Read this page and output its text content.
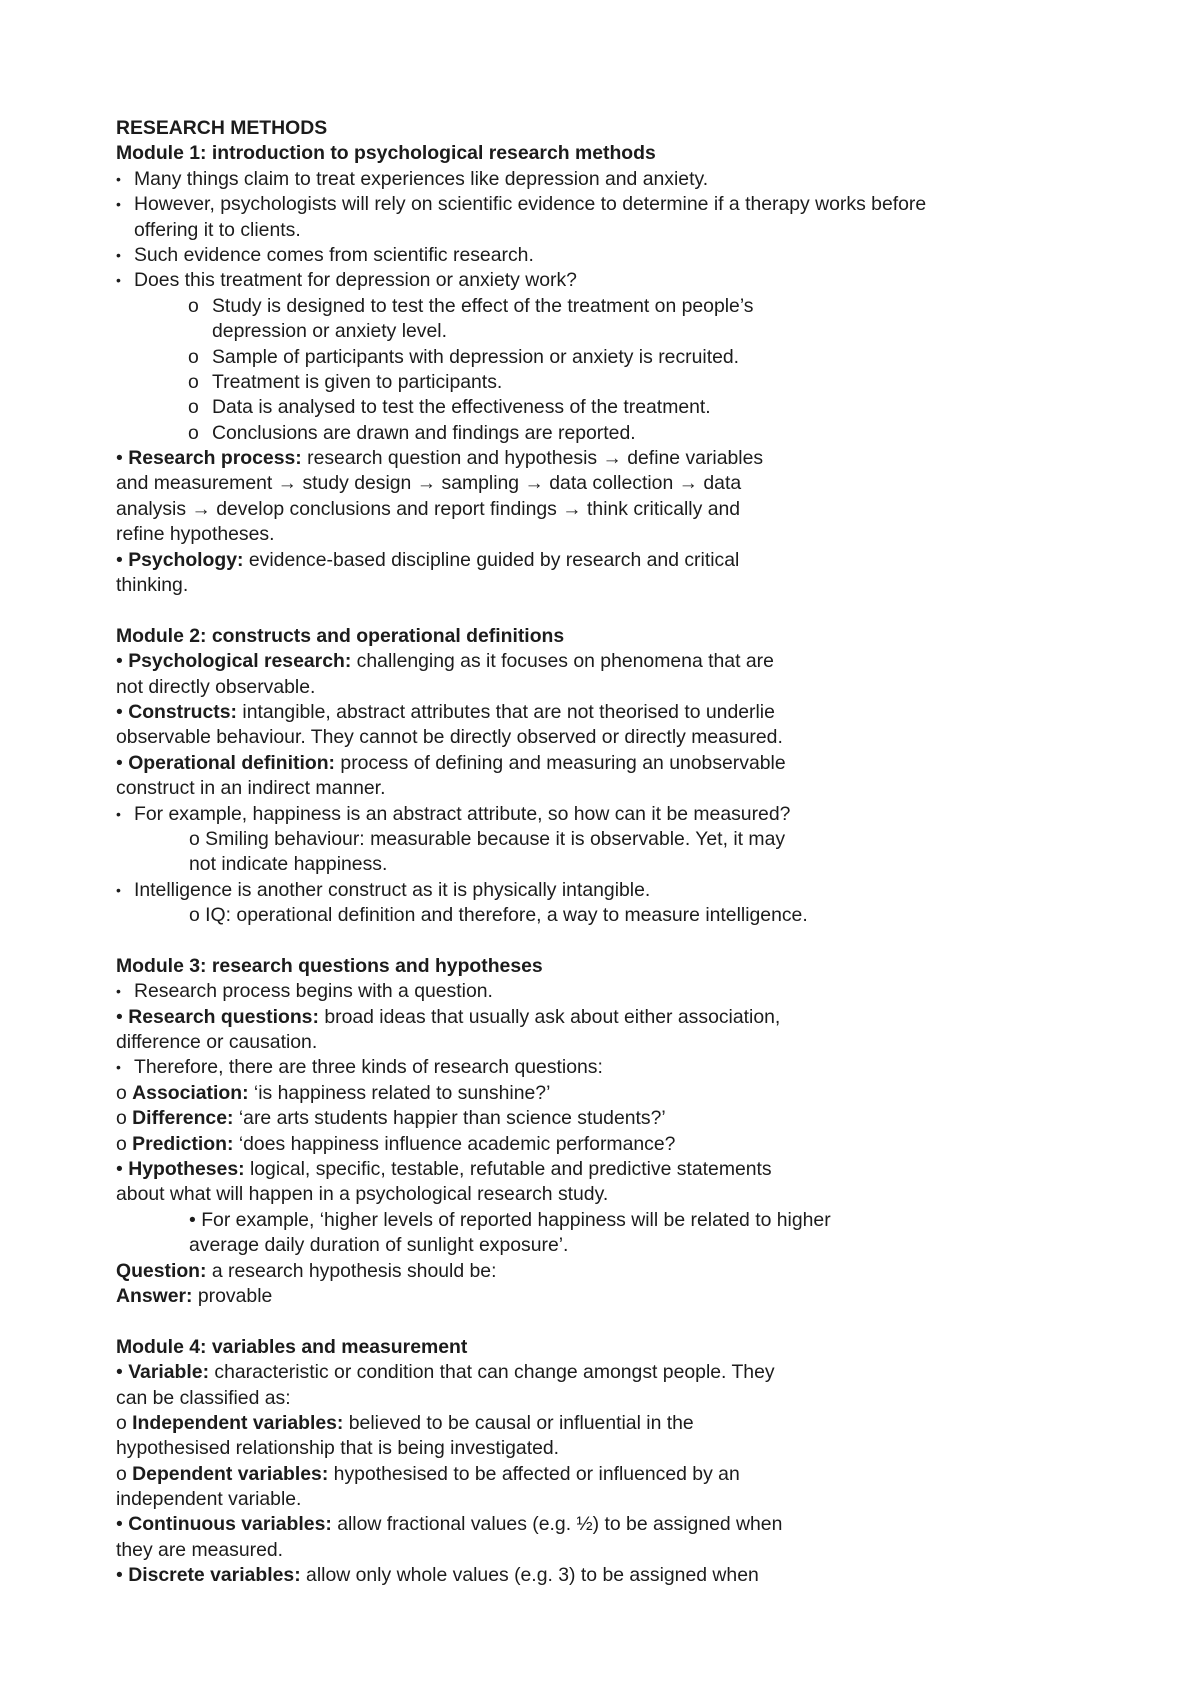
RESEARCH METHODS
Module 1: introduction to psychological research methods
• Many things claim to treat experiences like depression and anxiety.
• However, psychologists will rely on scientific evidence to determine if a therapy works before
offering it to clients.
• Such evidence comes from scientific research.
• Does this treatment for depression or anxiety work?
o Study is designed to test the effect of the treatment on people’s
depression or anxiety level.
o Sample of participants with depression or anxiety is recruited.
o Treatment is given to participants.
o Data is analysed to test the effectiveness of the treatment.
o Conclusions are drawn and findings are reported.
• Research process: research question and hypothesis → define variables
and measurement → study design → sampling → data collection → data
analysis → develop conclusions and report findings → think critically and
refine hypotheses.
• Psychology: evidence-based discipline guided by research and critical
thinking.
Module 2: constructs and operational definitions
• Psychological research: challenging as it focuses on phenomena that are
not directly observable.
• Constructs: intangible, abstract attributes that are not theorised to underlie
observable behaviour. They cannot be directly observed or directly measured.
• Operational definition: process of defining and measuring an unobservable
construct in an indirect manner.
• For example, happiness is an abstract attribute, so how can it be measured?
o Smiling behaviour: measurable because it is observable. Yet, it may
not indicate happiness.
• Intelligence is another construct as it is physically intangible.
o IQ: operational definition and therefore, a way to measure intelligence.
Module 3: research questions and hypotheses
• Research process begins with a question.
• Research questions: broad ideas that usually ask about either association,
difference or causation.
• Therefore, there are three kinds of research questions:
o Association: ‘is happiness related to sunshine?’
o Difference: ‘are arts students happier than science students?’
o Prediction: ‘does happiness influence academic performance?
• Hypotheses: logical, specific, testable, refutable and predictive statements
about what will happen in a psychological research study.
• For example, ‘higher levels of reported happiness will be related to higher
average daily duration of sunlight exposure’.
Question: a research hypothesis should be:
Answer: provable
Module 4: variables and measurement
• Variable: characteristic or condition that can change amongst people. They
can be classified as:
o Independent variables: believed to be causal or influential in the
hypothesised relationship that is being investigated.
o Dependent variables: hypothesised to be affected or influenced by an
independent variable.
• Continuous variables: allow fractional values (e.g. ½) to be assigned when
they are measured.
• Discrete variables: allow only whole values (e.g. 3) to be assigned when
